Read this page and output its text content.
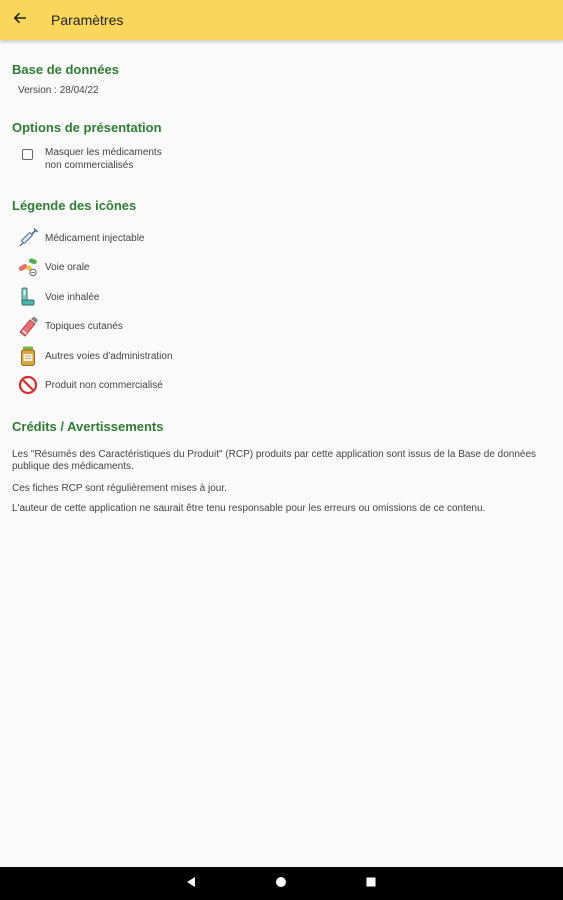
Paramètres
Base de données
Version : 28/04/22
Options de présentation
Masquer les médicaments
non commercialisés
Légende des icônes
Médicament injectable
Voie orale
Voie inhalée
Topiques cutanés
Autres voies d'administration
Produit non commercialisé
Crédits / Avertissements
Les "Résumés des Caractéristiques du Produit" (RCP) produits par cette application sont issus de la Base de données publique des médicaments.
Ces fiches RCP sont régulièrement mises à jour.
L'auteur de cette application ne saurait être tenu responsable pour les erreurs ou omissions de ce contenu.
